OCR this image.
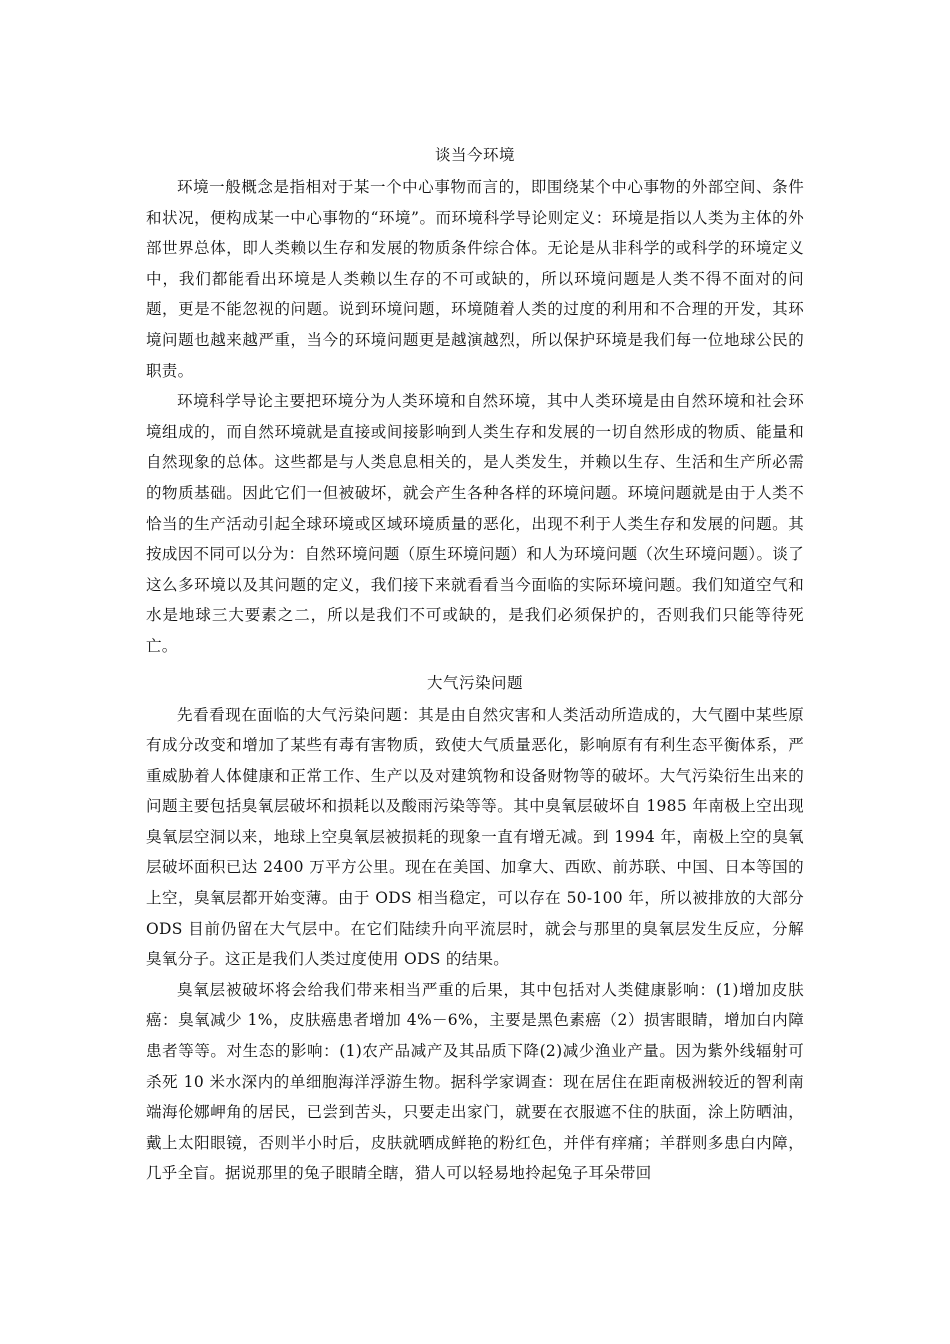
谈当今环境

环境一般概念是指相对于某一个中心事物而言的，即围绕某个中心事物的外部空间、条件和状况，便构成某一中心事物的“环境”。而环境科学导论则定义：环境是指以人类为主体的外部世界总体，即人类赖以生存和发展的物质条件综合体。无论是从非科学的或科学的环境定义中，我们都能看出环境是人类赖以生存的不可或缺的，所以环境问题是人类不得不面对的问题，更是不能忽视的问题。说到环境问题，环境随着人类的过度的利用和不合理的开发，其环境问题也越来越严重，当今的环境问题更是越演越烈，所以保护环境是我们每一位地球公民的职责。

环境科学导论主要把环境分为人类环境和自然环境，其中人类环境是由自然环境和社会环境组成的，而自然环境就是直接或间接影响到人类生存和发展的一切自然形成的物质、能量和自然现象的总体。这些都是与人类息息相关的，是人类发生，并赖以生存、生活和生产所必需的物质基础。因此它们一但被破坏，就会产生各种各样的环境问题。环境问题就是由于人类不恰当的生产活动引起全球环境或区域环境质量的恶化，出现不利于人类生存和发展的问题。其按成因不同可以分为：自然环境问题（原生环境问题）和人为环境问题（次生环境问题）。谈了这么多环境以及其问题的定义，我们接下来就看看当今面临的实际环境问题。我们知道空气和水是地球三大要素之二，所以是我们不可或缺的，是我们必须保护的，否则我们只能等待死亡。

大气污染问题

先看看现在面临的大气污染问题：其是由自然灾害和人类活动所造成的，大气圈中某些原有成分改变和增加了某些有毒有害物质，致使大气质量恶化，影响原有有利生态平衡体系，严重威胁着人体健康和正常工作、生产以及对建筑物和设备财物等的破坏。大气污染衍生出来的问题主要包括臭氧层破坏和损耗以及酸雨污染等等。其中臭氧层破坏自 1985 年南极上空出现臭氧层空洞以来，地球上空臭氧层被损耗的现象一直有增无减。到 1994 年，南极上空的臭氧层破坏面积已达 2400 万平方公里。现在在美国、加拿大、西欧、前苏联、中国、日本等国的上空，臭氧层都开始变薄。由于 ODS 相当稳定，可以存在 50-100 年，所以被排放的大部分 ODS 目前仍留在大气层中。在它们陆续升向平流层时，就会与那里的臭氧层发生反应，分解臭氧分子。这正是我们人类过度使用 ODS 的结果。

臭氧层被破坏将会给我们带来相当严重的后果，其中包括对人类健康影响：(1)增加皮肤癌：臭氧减少 1%，皮肤癌患者增加 4%－6%，主要是黑色素癌（2）损害眼睛，增加白内障患者等等。对生态的影响：(1)农产品减产及其品质下降(2)减少渔业产量。因为紫外线辐射可杀死 10 米水深内的单细胞海洋浮游生物。据科学家调查：现在居住在距南极洲较近的智利南端海伦娜岬角的居民，已尝到苦头，只要走出家门，就要在衣服遮不住的肤面，涂上防晒油，戴上太阳眼镜，否则半小时后，皮肤就晒成鲜艳的粉红色，并伴有痒痛；羊群则多患白内障，几乎全盲。据说那里的兔子眼睛全瞎，猎人可以轻易地拎起兔子耳朵带回
